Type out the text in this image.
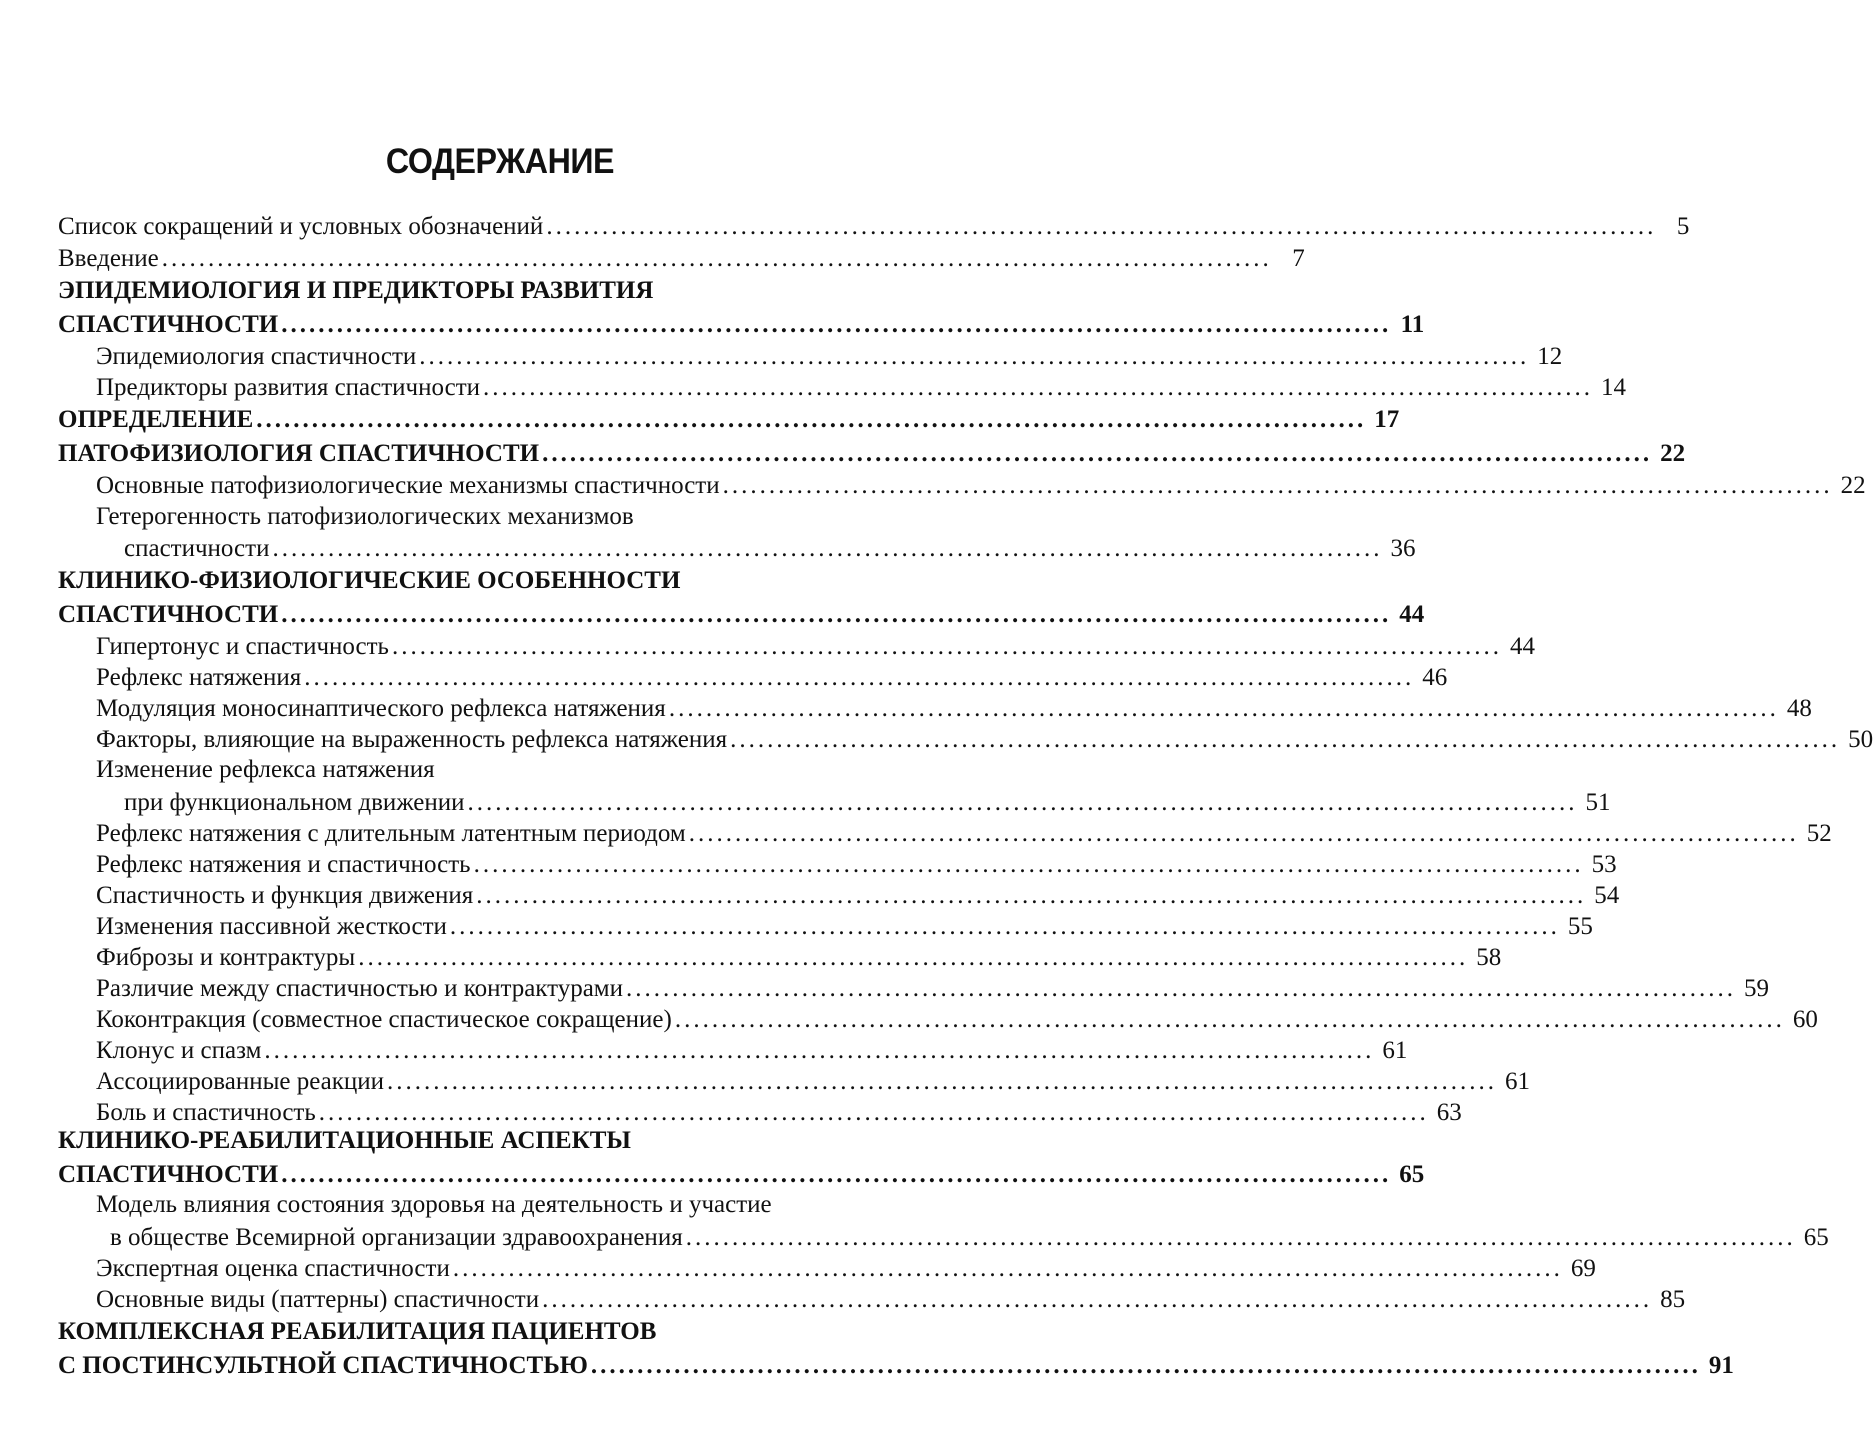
СОДЕРЖАНИЕ
Список сокращений и условных обозначений ........................................................................................................................ 5
Введение ........................................................................................................................ 7
ЭПИДЕМИОЛОГИЯ И ПРЕДИКТОРЫ РАЗВИТИЯ
СПАСТИЧНОСТИ ........................................................................................................................ 11
Эпидемиология спастичности ........................................................................................................................ 12
Предикторы развития спастичности ........................................................................................................................ 14
ОПРЕДЕЛЕНИЕ ........................................................................................................................ 17
ПАТОФИЗИОЛОГИЯ СПАСТИЧНОСТИ ........................................................................................................................ 22
Основные патофизиологические механизмы спастичности ........................................................................................................................ 22
Гетерогенность патофизиологических механизмов
спастичности ........................................................................................................................ 36
КЛИНИКО-ФИЗИОЛОГИЧЕСКИЕ ОСОБЕННОСТИ
СПАСТИЧНОСТИ ........................................................................................................................ 44
Гипертонус и спастичность ........................................................................................................................ 44
Рефлекс натяжения ........................................................................................................................ 46
Модуляция моносинаптического рефлекса натяжения ........................................................................................................................ 48
Факторы, влияющие на выраженность рефлекса натяжения ........................................................................................................................ 50
Изменение рефлекса натяжения
при функциональном движении ........................................................................................................................ 51
Рефлекс натяжения с длительным латентным периодом ........................................................................................................................ 52
Рефлекс натяжения и спастичность ........................................................................................................................ 53
Спастичность и функция движения ........................................................................................................................ 54
Изменения пассивной жесткости ........................................................................................................................ 55
Фиброзы и контрактуры ........................................................................................................................ 58
Различие между спастичностью и контрактурами ........................................................................................................................ 59
Коконтракция (совместное спастическое сокращение) ........................................................................................................................ 60
Клонус и спазм ........................................................................................................................ 61
Ассоциированные реакции ........................................................................................................................ 61
Боль и спастичность ........................................................................................................................ 63
КЛИНИКО-РЕАБИЛИТАЦИОННЫЕ АСПЕКТЫ
СПАСТИЧНОСТИ ........................................................................................................................ 65
Модель влияния состояния здоровья на деятельность и участие
в обществе Всемирной организации здравоохранения ........................................................................................................................ 65
Экспертная оценка спастичности ........................................................................................................................ 69
Основные виды (паттерны) спастичности ........................................................................................................................ 85
КОМПЛЕКСНАЯ РЕАБИЛИТАЦИЯ ПАЦИЕНТОВ
С ПОСТИНСУЛЬТНОЙ СПАСТИЧНОСТЬЮ ........................................................................................................................ 91
